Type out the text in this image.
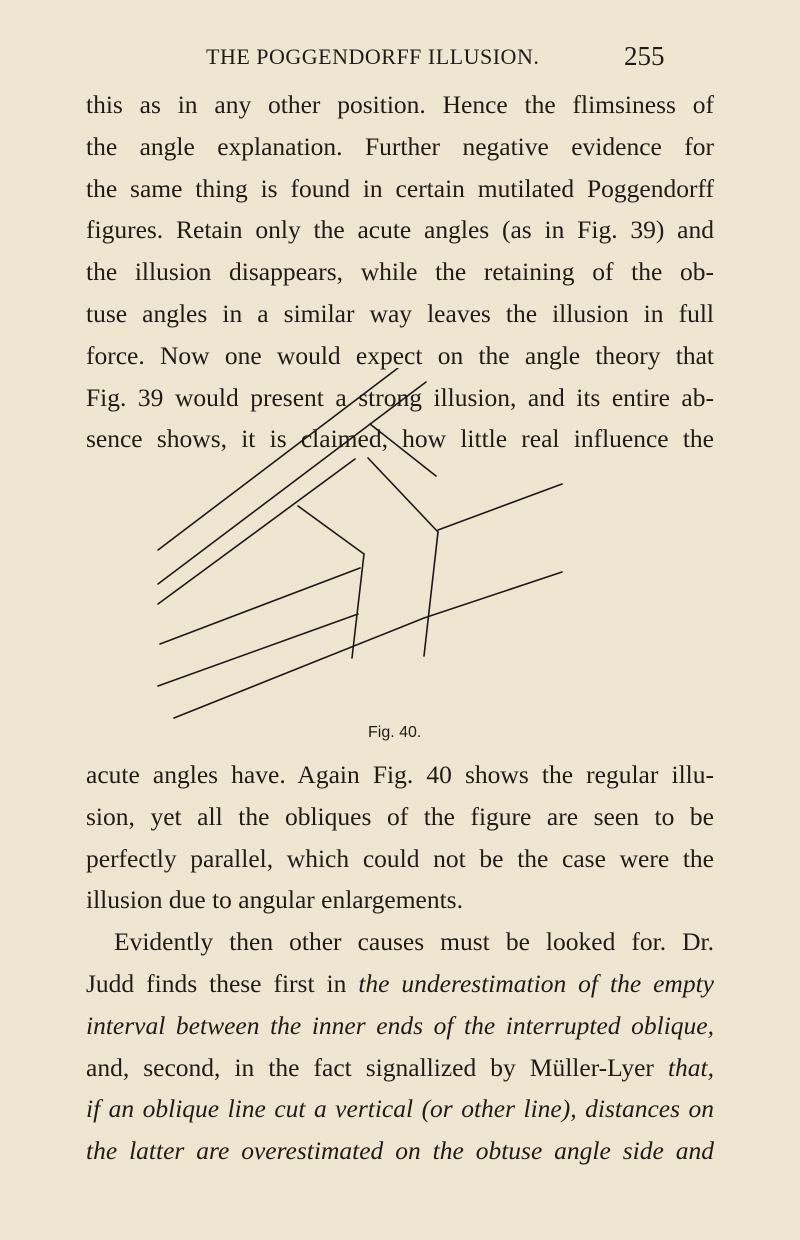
THE POGGENDORFF ILLUSION.	255
this as in any other position. Hence the flimsiness of
the angle explanation. Further negative evidence for
the same thing is found in certain mutilated Poggendorff
figures. Retain only the acute angles (as in Fig. 39) and
the illusion disappears, while the retaining of the ob-
tuse angles in a similar way leaves the illusion in full
force. Now one would expect on the angle theory that
Fig. 39 would present a strong illusion, and its entire ab-
sence shows, it is claimed, how little real influence the
Fig. 40.
acute angles have. Again Fig. 40 shows the regular illu-
sion, yet all the obliques of the figure are seen to be
perfectly parallel, which could not be the case were the
illusion due to angular enlargements.
Evidently then other causes must be looked for. Dr.
Judd finds these first in the underestimation of the empty
interval between the inner ends of the interrupted oblique,
and, second, in the fact signallized by Müller-Lyer that,
if an oblique line cut a vertical (or other line), distances on
the latter are overestimated on the obtuse angle side and
